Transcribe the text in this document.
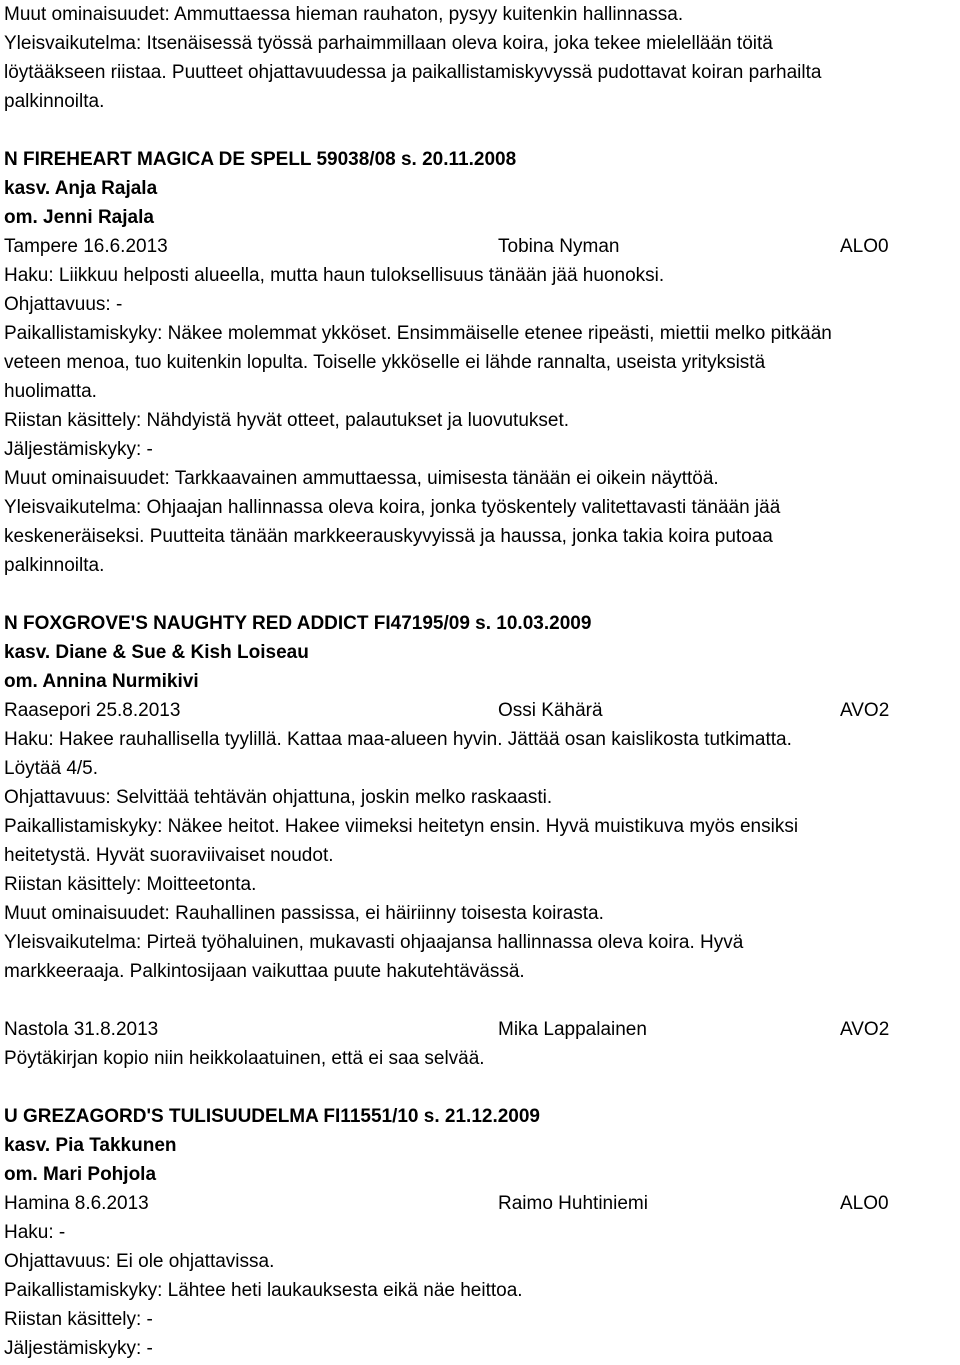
Muut ominaisuudet: Ammuttaessa hieman rauhaton, pysyy kuitenkin hallinnassa.
Yleisvaikutelma: Itsenäisessä työssä parhaimmillaan oleva koira, joka tekee mielellään töitä
löytääkseen riistaa. Puutteet ohjattavuudessa ja paikallistamiskyvyssä pudottavat koiran parhailta
palkinnoilta.
N FIREHEART MAGICA DE SPELL 59038/08 s. 20.11.2008
kasv. Anja Rajala
om. Jenni Rajala
Tampere 16.6.2013	Tobina Nyman	ALO0
Haku: Liikkuu helposti alueella, mutta haun tuloksellisuus tänään jää huonoksi.
Ohjattavuus: -
Paikallistamiskyky: Näkee molemmat ykköset. Ensimmäiselle etenee ripeästi, miettii melko pitkään
veteen menoa, tuo kuitenkin lopulta. Toiselle ykköselle ei lähde rannalta, useista yrityksistä
huolimatta.
Riistan käsittely: Nähdyistä hyvät otteet, palautukset ja luovutukset.
Jäljestämiskyky: -
Muut ominaisuudet: Tarkkaavainen ammuttaessa, uimisesta tänään ei oikein näyttöä.
Yleisvaikutelma: Ohjaajan hallinnassa oleva koira, jonka työskentely valitettavasti tänään jää
keskeneräiseksi. Puutteita tänään markkeerauskyvyissä ja haussa, jonka takia koira putoaa
palkinnoilta.
N FOXGROVE'S NAUGHTY RED ADDICT FI47195/09 s. 10.03.2009
kasv. Diane & Sue & Kish Loiseau
om. Annina Nurmikivi
Raasepori 25.8.2013	Ossi Kähärä	AVO2
Haku: Hakee rauhallisella tyylillä. Kattaa maa-alueen hyvin. Jättää osan kaislikosta tutkimatta.
Löytää 4/5.
Ohjattavuus: Selvittää tehtävän ohjattuna, joskin melko raskaasti.
Paikallistamiskyky: Näkee heitot. Hakee viimeksi heitetyn ensin. Hyvä muistikuva myös ensiksi
heitetystä. Hyvät suoraviivaiset noudot.
Riistan käsittely: Moitteetonta.
Muut ominaisuudet: Rauhallinen passissa, ei häiriinny toisesta koirasta.
Yleisvaikutelma: Pirteä työhaluinen, mukavasti ohjaajansa hallinnassa oleva koira. Hyvä
markkeeraaja. Palkintosijaan vaikuttaa puute hakutehtävässä.
Nastola 31.8.2013	Mika Lappalainen	AVO2
Pöytäkirjan kopio niin heikkolaatuinen, että ei saa selvää.
U GREZAGORD'S TULISUUDELMA FI11551/10 s. 21.12.2009
kasv. Pia Takkunen
om. Mari Pohjola
Hamina 8.6.2013	Raimo Huhtiniemi	ALO0
Haku: -
Ohjattavuus: Ei ole ohjattavissa.
Paikallistamiskyky: Lähtee heti laukauksesta eikä näe heittoa.
Riistan käsittely: -
Jäljestämiskyky: -
